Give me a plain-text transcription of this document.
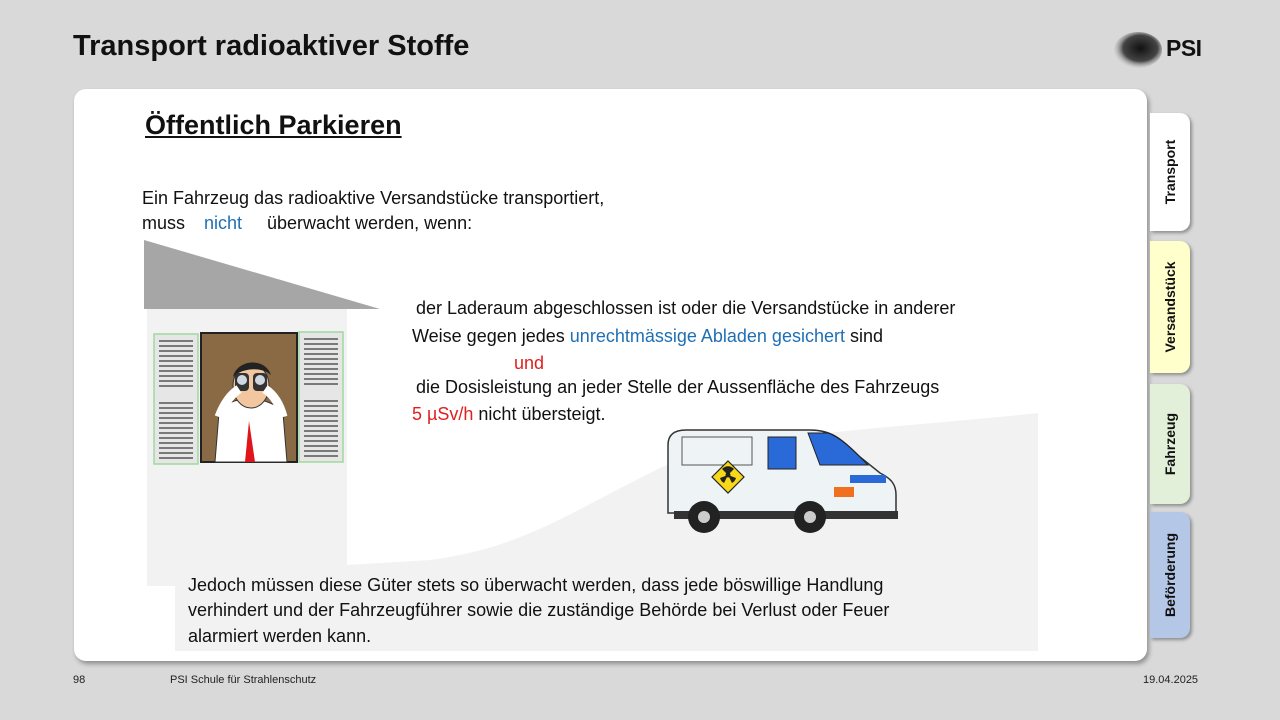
Transport radioaktiver Stoffe	PSI
Öffentlich Parkieren
Ein Fahrzeug das radioaktive Versandstücke transportiert,
muss nicht überwacht werden, wenn:
der Laderaum abgeschlossen ist oder die Versandstücke in anderer
Weise gegen jedes unrechtmässige Abladen gesichert sind
und
die Dosisleistung an jeder Stelle der Aussenfläche des Fahrzeugs
5 µSv/h nicht übersteigt.
Jedoch müssen diese Güter stets so überwacht werden, dass jede böswillige Handlung
verhindert und der Fahrzeugführer sowie die zuständige Behörde bei Verlust oder Feuer
alarmiert werden kann.
Transport
Versandstück
Fahrzeug
Beförderung
98	PSI Schule für Strahlenschutz	19.04.2025
